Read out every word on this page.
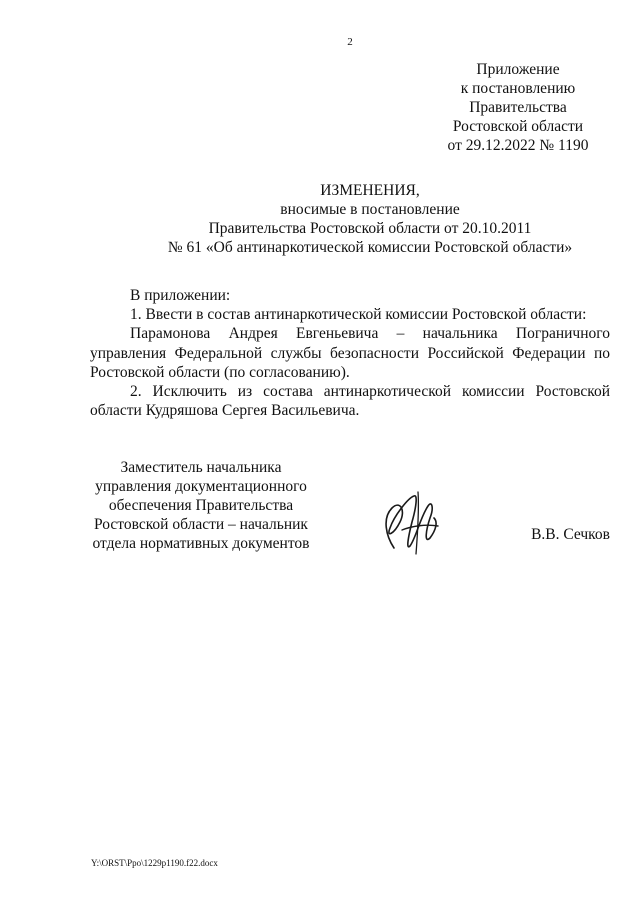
2
Приложение
к постановлению
Правительства
Ростовской области
от 29.12.2022 № 1190
ИЗМЕНЕНИЯ,
вносимые в постановление
Правительства Ростовской области от 20.10.2011
№ 61 «Об антинаркотической комиссии Ростовской области»

В приложении:

1. Ввести в состав антинаркотической комиссии Ростовской области:

Парамонова Андрея Евгеньевича – начальника Пограничного управления Федеральной службы безопасности Российской Федерации по Ростовской области (по согласованию).

2. Исключить из состава антинаркотической комиссии Ростовской области Кудряшова Сергея Васильевича.

Заместитель начальника
управления документационного
обеспечения Правительства
Ростовской области – начальник
отдела нормативных документов
В.В. Сечков
Y:\ORST\Ppo\1229p1190.f22.docx
